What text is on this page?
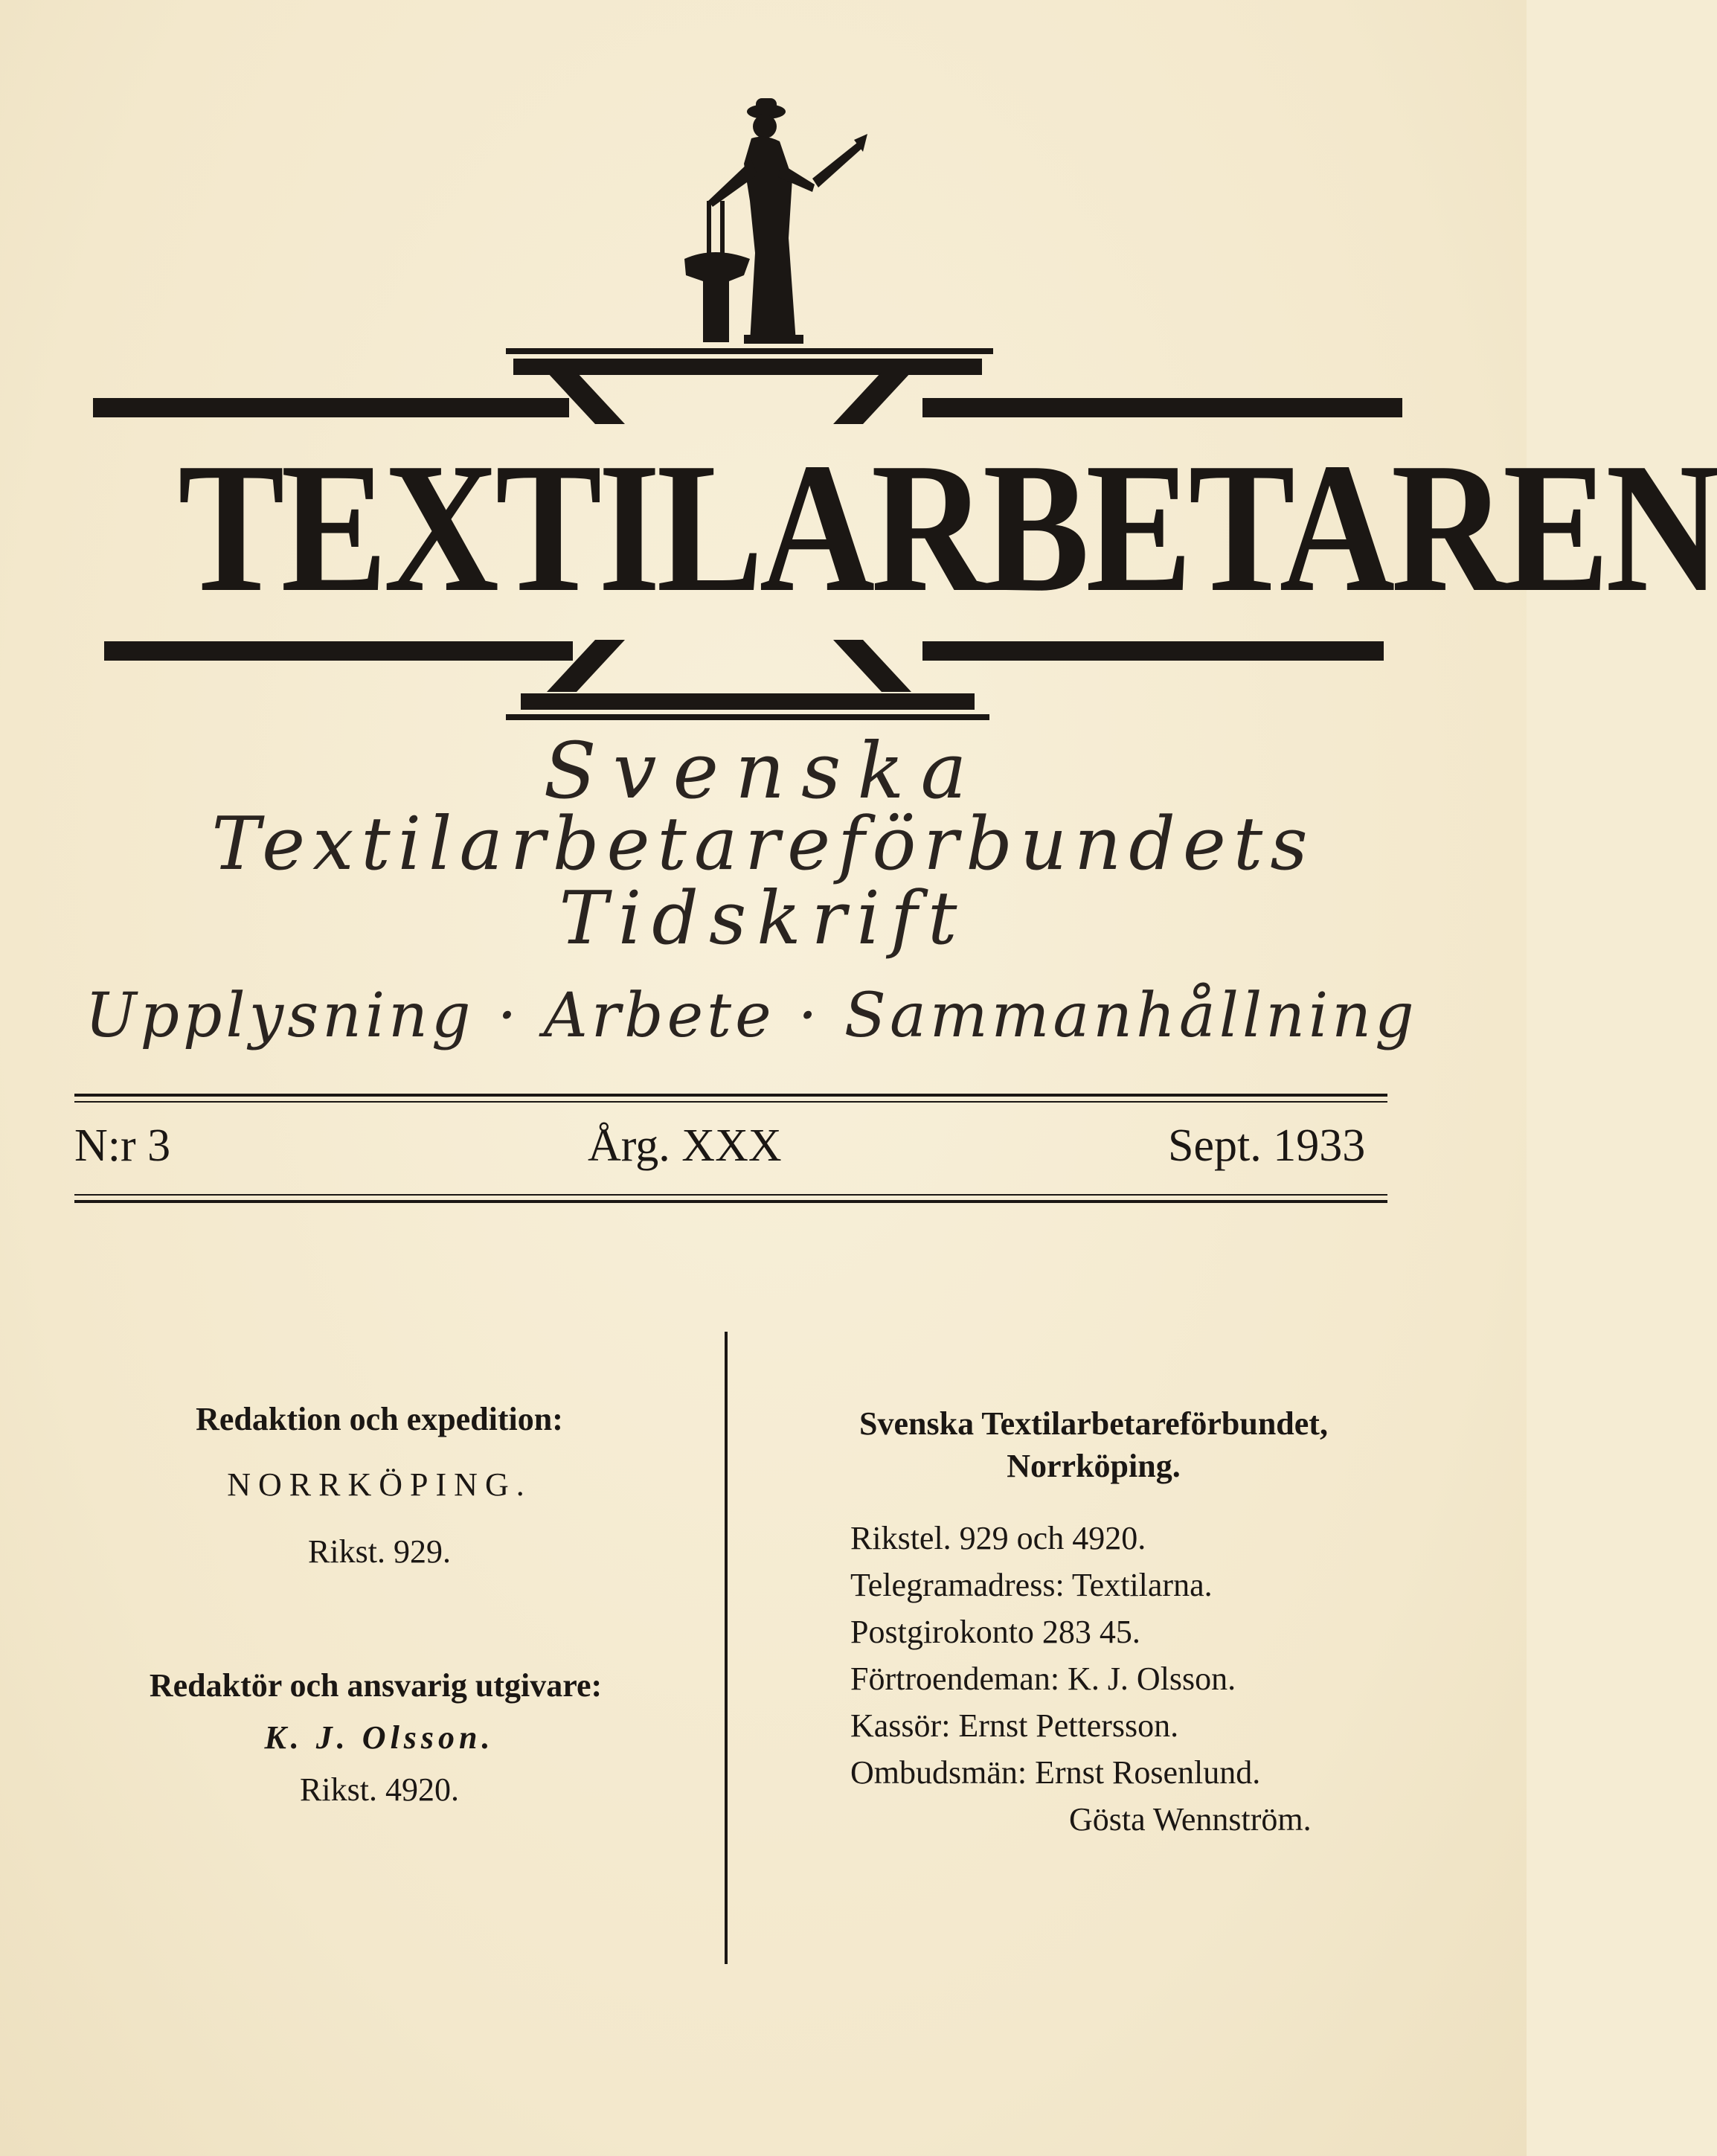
TEXTILARBETAREN
Svenska
Textilarbetareförbundets
Tidskrift
Upplysning · Arbete · Sammanhållning
N:r 3	Årg. XXX	Sept. 1933
Redaktion och expedition:
NORRKÖPING.
Rikst. 929.
Redaktör och ansvarig utgivare:
K. J. Olsson.
Rikst. 4920.
Svenska Textilarbetareförbundet,
Norrköping.
Rikstel. 929 och 4920.
Telegramadress: Textilarna.
Postgirokonto 283 45.
Förtroendeman: K. J. Olsson.
Kassör: Ernst Pettersson.
Ombudsmän: Ernst Rosenlund.
Gösta Wennström.
